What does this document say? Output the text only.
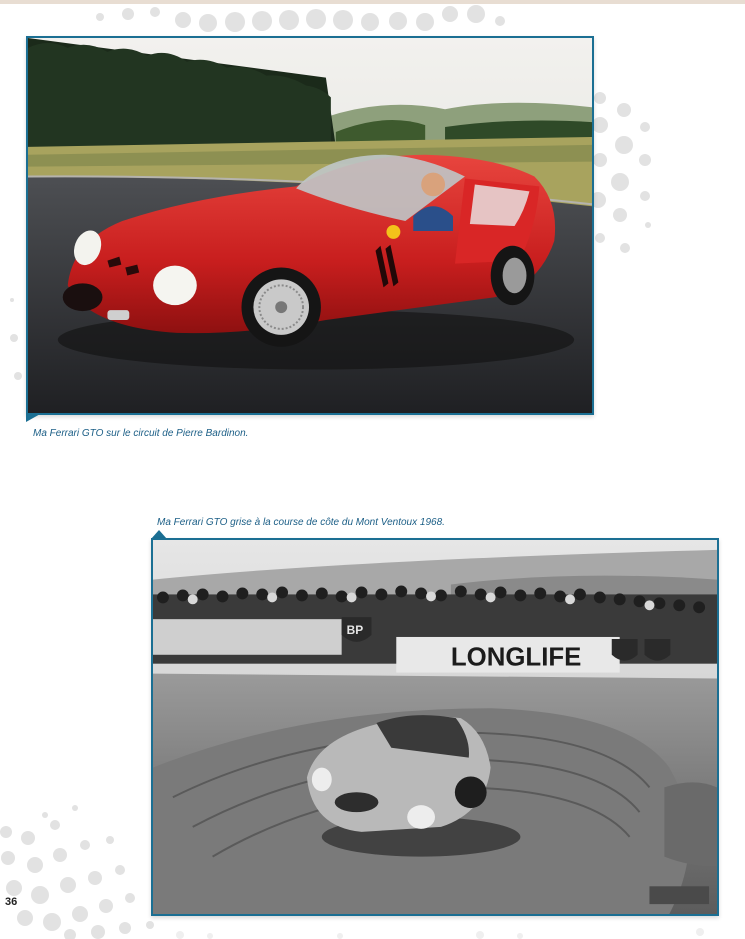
Ma Ferrari GTO sur le circuit de Pierre Bardinon.
Ma Ferrari GTO grise à la course de côte du Mont Ventoux 1968.
LONGLIFE
BP
36
